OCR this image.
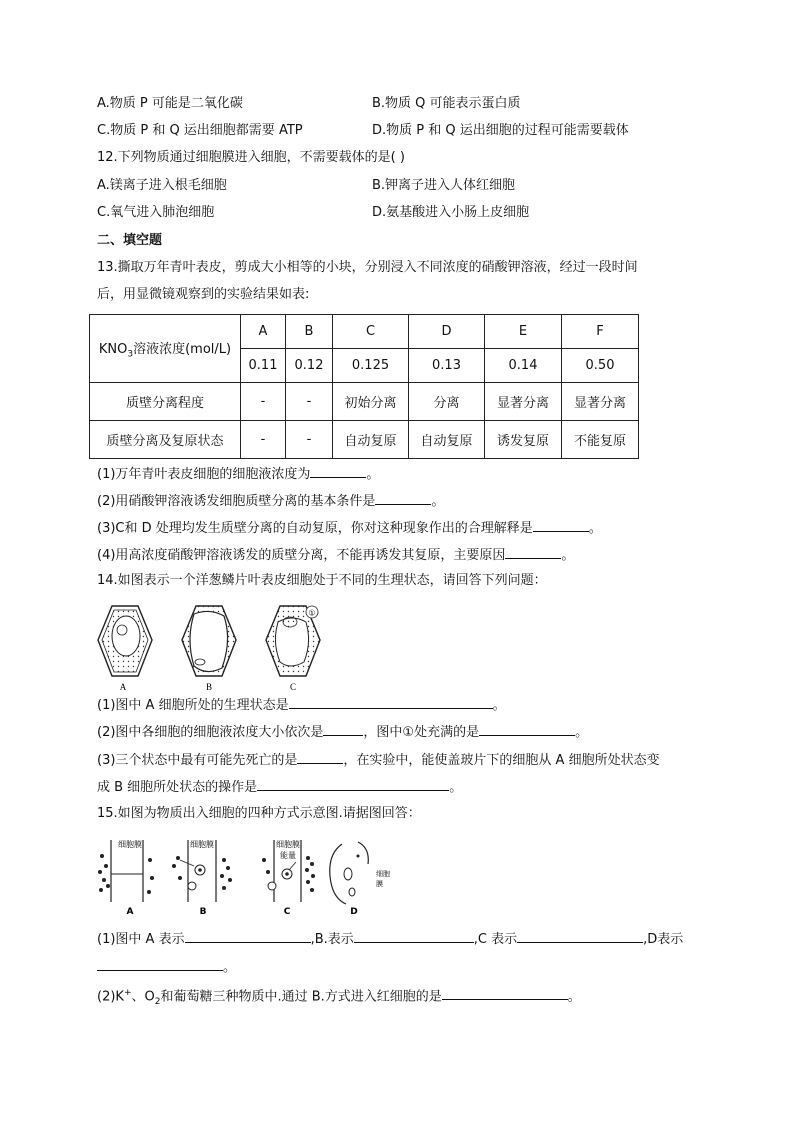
A.物质 P 可能是二氧化碳	B.物质 Q 可能表示蛋白质
C.物质 P 和 Q 运出细胞都需要 ATP	D.物质 P 和 Q 运出细胞的过程可能需要载体
12.下列物质通过细胞膜进入细胞，不需要载体的是( )
A.镁离子进入根毛细胞	B.钾离子进入人体红细胞
C.氧气进入肺泡细胞	D.氨基酸进入小肠上皮细胞
二、填空题
13.撕取万年青叶表皮，剪成大小相等的小块，分别浸入不同浓度的硝酸钾溶液，经过一段时间
后，用显微镜观察到的实验结果如表:
$KNO_3$溶液浓度(mol/L)	A	B	C	D	E	F
	0.11	0.12	0.125	0.13	0.14	0.50
质壁分离程度	-	-	初始分离	分离	显著分离	显著分离
质壁分离及复原状态	-	-	自动复原	自动复原	诱发复原	不能复原
(1)万年青叶表皮细胞的细胞液浓度为	。
(2)用硝酸钾溶液诱发细胞质壁分离的基本条件是	。
(3)C和 D 处理均发生质壁分离的自动复原，你对这种现象作出的合理解释是	。
(4)用高浓度硝酸钾溶液诱发的质壁分离，不能再诱发其复原，主要原因	。
14.如图表示一个洋葱鳞片叶表皮细胞处于不同的生理状态，请回答下列问题：
A	B
①
C
(1)图中 A 细胞所处的生理状态是	。
(2)图中各细胞的细胞液浓度大小依次是	，图中①处充满的是	。
(3)三个状态中最有可能先死亡的是	，在实验中，能使盖玻片下的细胞从 A 细胞所处状态变
成 B 细胞所处状态的操作是	。
15.如图为物质出入细胞的四种方式示意图.请据图回答：
细胞膜
A
细胞膜
B
细胞膜
能量
C
细胞
膜
D
(1)图中 A 表示	,B.表示	,C 表示	,D表示
。
(2)K+、$O_2$和葡萄糖三种物质中.通过 B.方式进入红细胞的是	。
